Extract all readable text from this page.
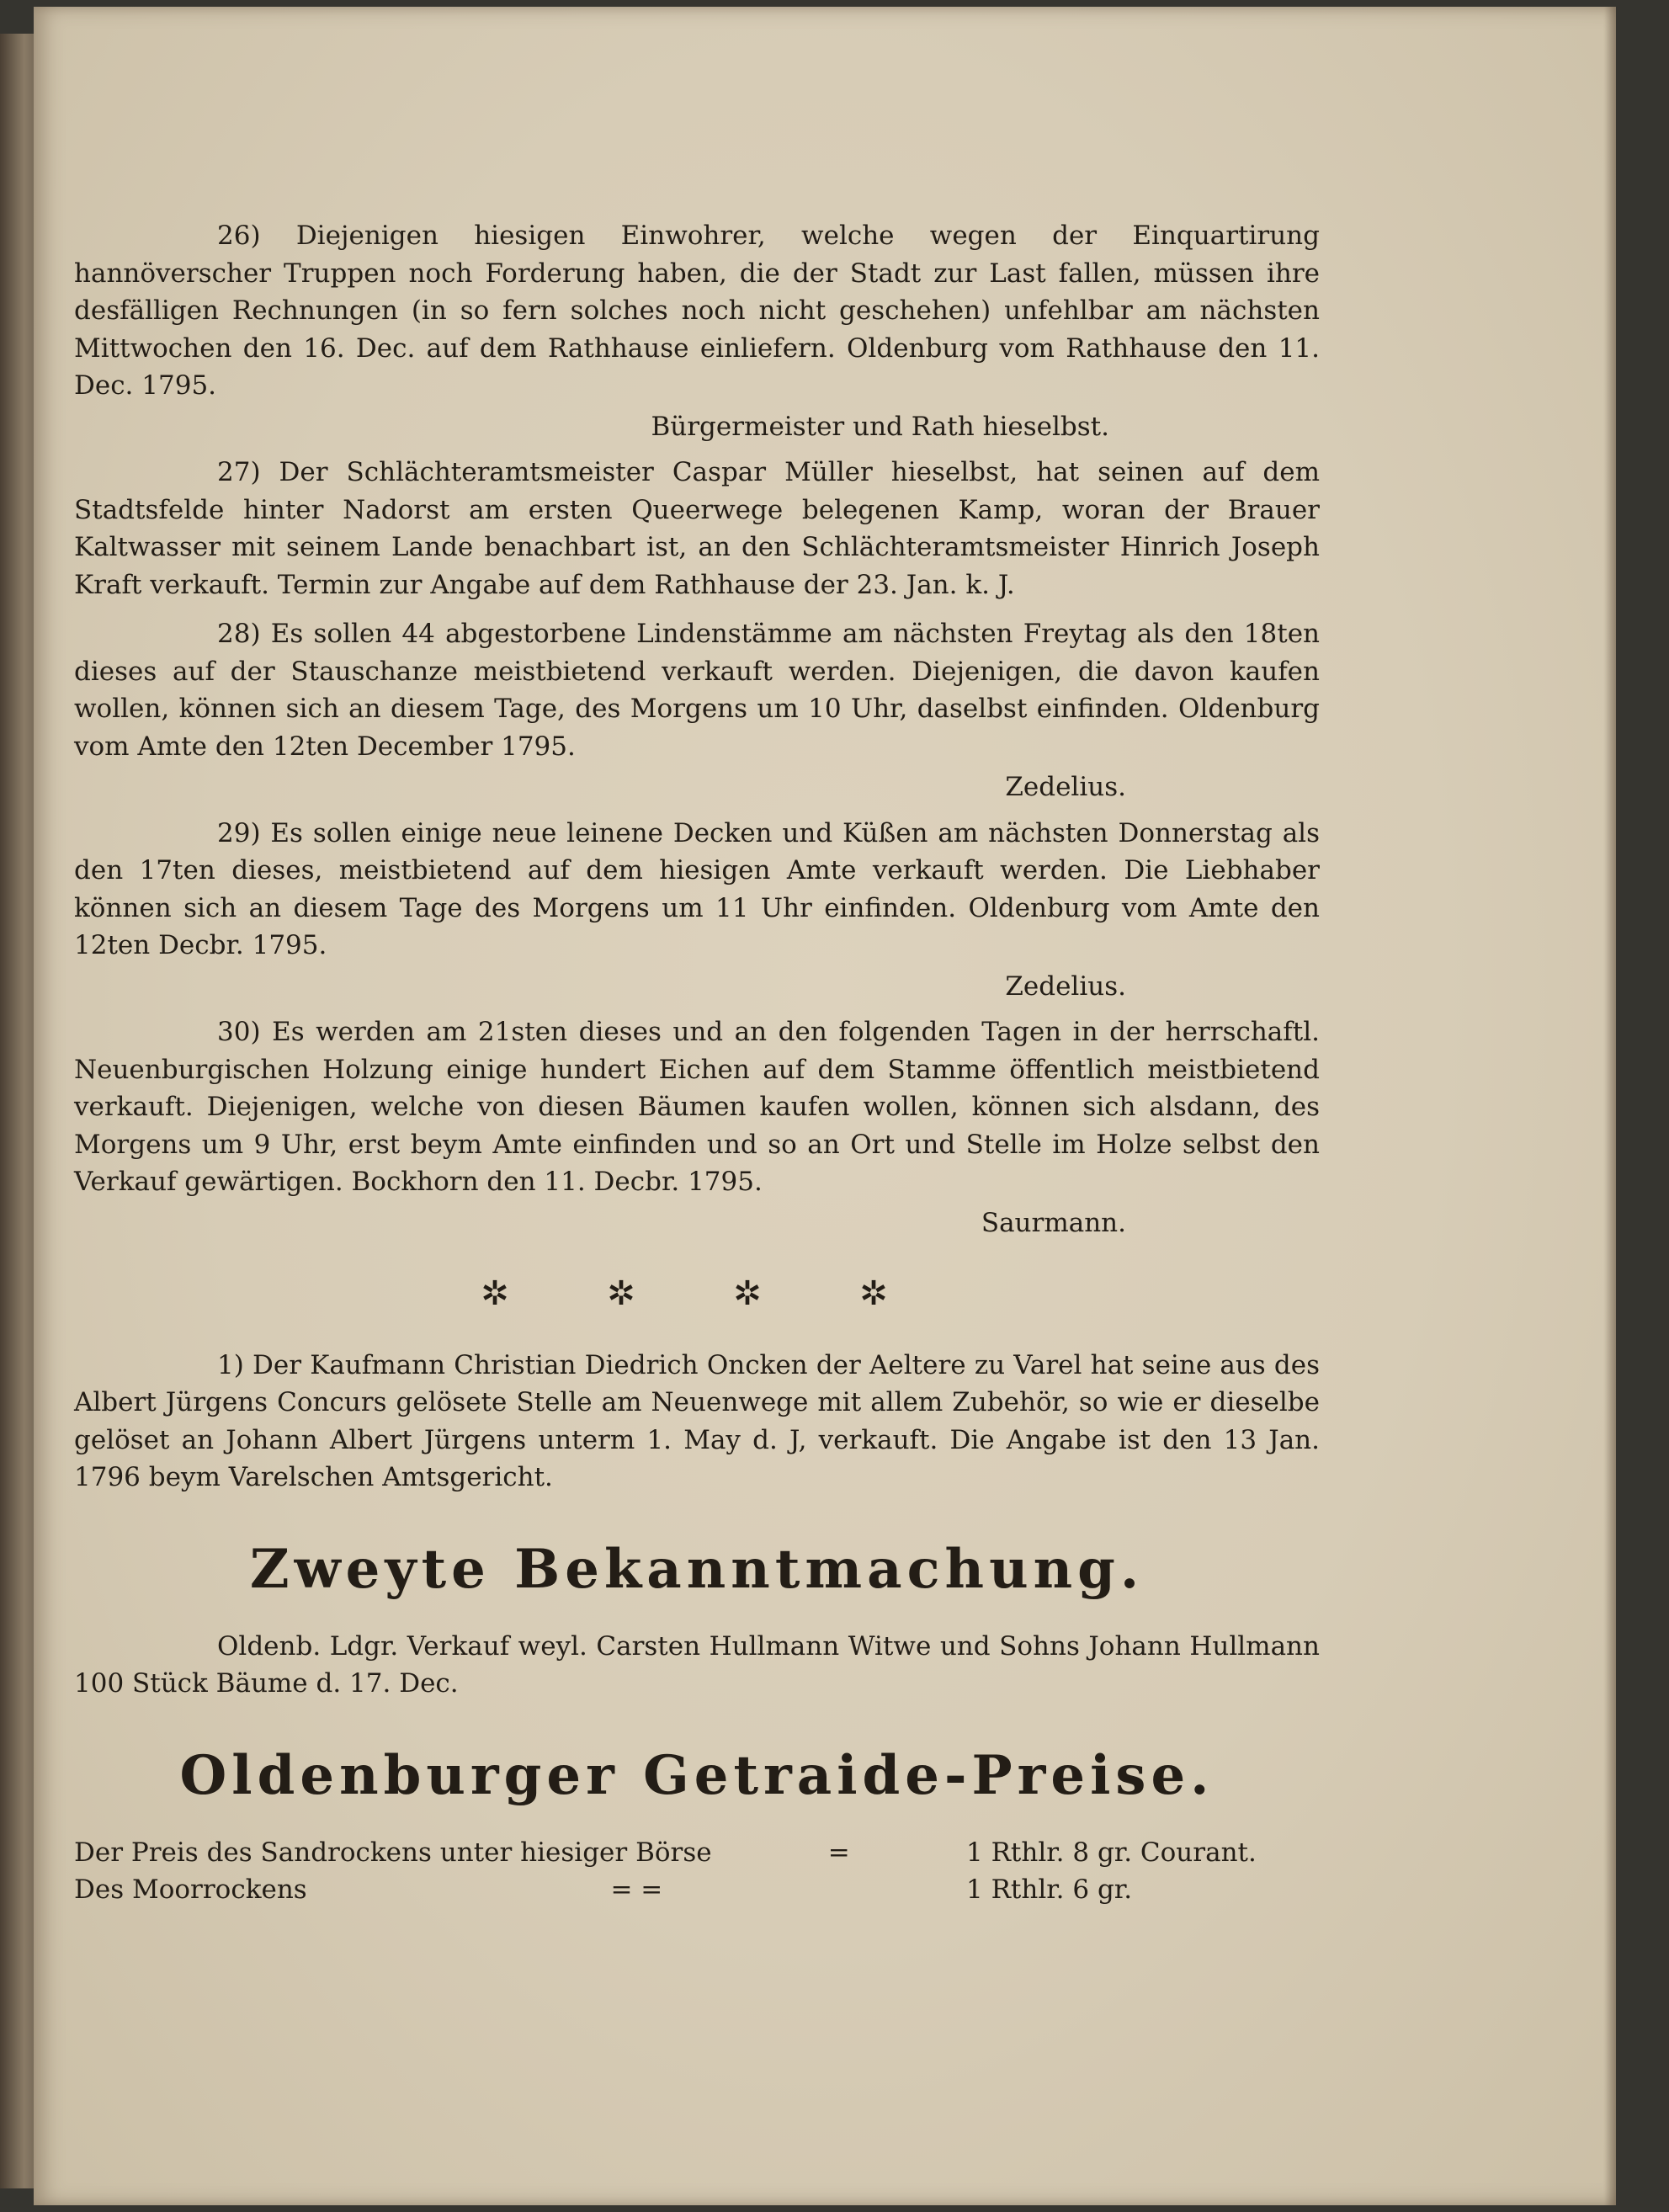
26) Diejenigen hiesigen Einwohrer, welche wegen der Einquartirung hannöverscher Truppen noch Forderung haben, die der Stadt zur Last fallen, müssen ihre desfälligen Rechnungen (in so fern solches noch nicht geschehen) unfehlbar am nächsten Mittwochen den 16. Dec. auf dem Rathhause einliefern. Oldenburg vom Rathhause den 11. Dec. 1795.

Bürgermeister und Rath hieselbst.

27) Der Schlächteramtsmeister Caspar Müller hieselbst, hat seinen auf dem Stadtsfelde hinter Nadorst am ersten Queerwege belegenen Kamp, woran der Brauer Kaltwasser mit seinem Lande benachbart ist, an den Schlächteramtsmeister Hinrich Joseph Kraft verkauft. Termin zur Angabe auf dem Rathhause der 23. Jan. k. J.

28) Es sollen 44 abgestorbene Lindenstämme am nächsten Freytag als den 18ten dieses auf der Stauschanze meistbietend verkauft werden. Diejenigen, die davon kaufen wollen, können sich an diesem Tage, des Morgens um 10 Uhr, daselbst einfinden. Oldenburg vom Amte den 12ten December 1795.

Zedelius.

29) Es sollen einige neue leinene Decken und Küßen am nächsten Donnerstag als den 17ten dieses, meistbietend auf dem hiesigen Amte verkauft werden. Die Liebhaber können sich an diesem Tage des Morgens um 11 Uhr einfinden. Oldenburg vom Amte den 12ten Decbr. 1795.

Zedelius.

30) Es werden am 21sten dieses und an den folgenden Tagen in der herrschaftl. Neuenburgischen Holzung einige hundert Eichen auf dem Stamme öffentlich meistbietend verkauft. Diejenigen, welche von diesen Bäumen kaufen wollen, können sich alsdann, des Morgens um 9 Uhr, erst beym Amte einfinden und so an Ort und Stelle im Holze selbst den Verkauf gewärtigen. Bockhorn den 11. Decbr. 1795.

Saurmann.
✲	✲	✲	✲

1) Der Kaufmann Christian Diedrich Oncken der Aeltere zu Varel hat seine aus des Albert Jürgens Concurs gelösete Stelle am Neuenwege mit allem Zubehör, so wie er dieselbe gelöset an Johann Albert Jürgens unterm 1. May d. J, verkauft. Die Angabe ist den 13 Jan. 1796 beym Varelschen Amtsgericht.

Zweyte Bekanntmachung.

Oldenb. Ldgr. Verkauf weyl. Carsten Hullmann Witwe und Sohns Johann Hullmann 100 Stück Bäume d. 17. Dec.

Oldenburger Getraide-Preise.
Der Preis des Sandrockens unter hiesiger Börse	=	1 Rthlr. 8 gr. Courant.
Des Moorrockens	= =	1 Rthlr. 6 gr.
